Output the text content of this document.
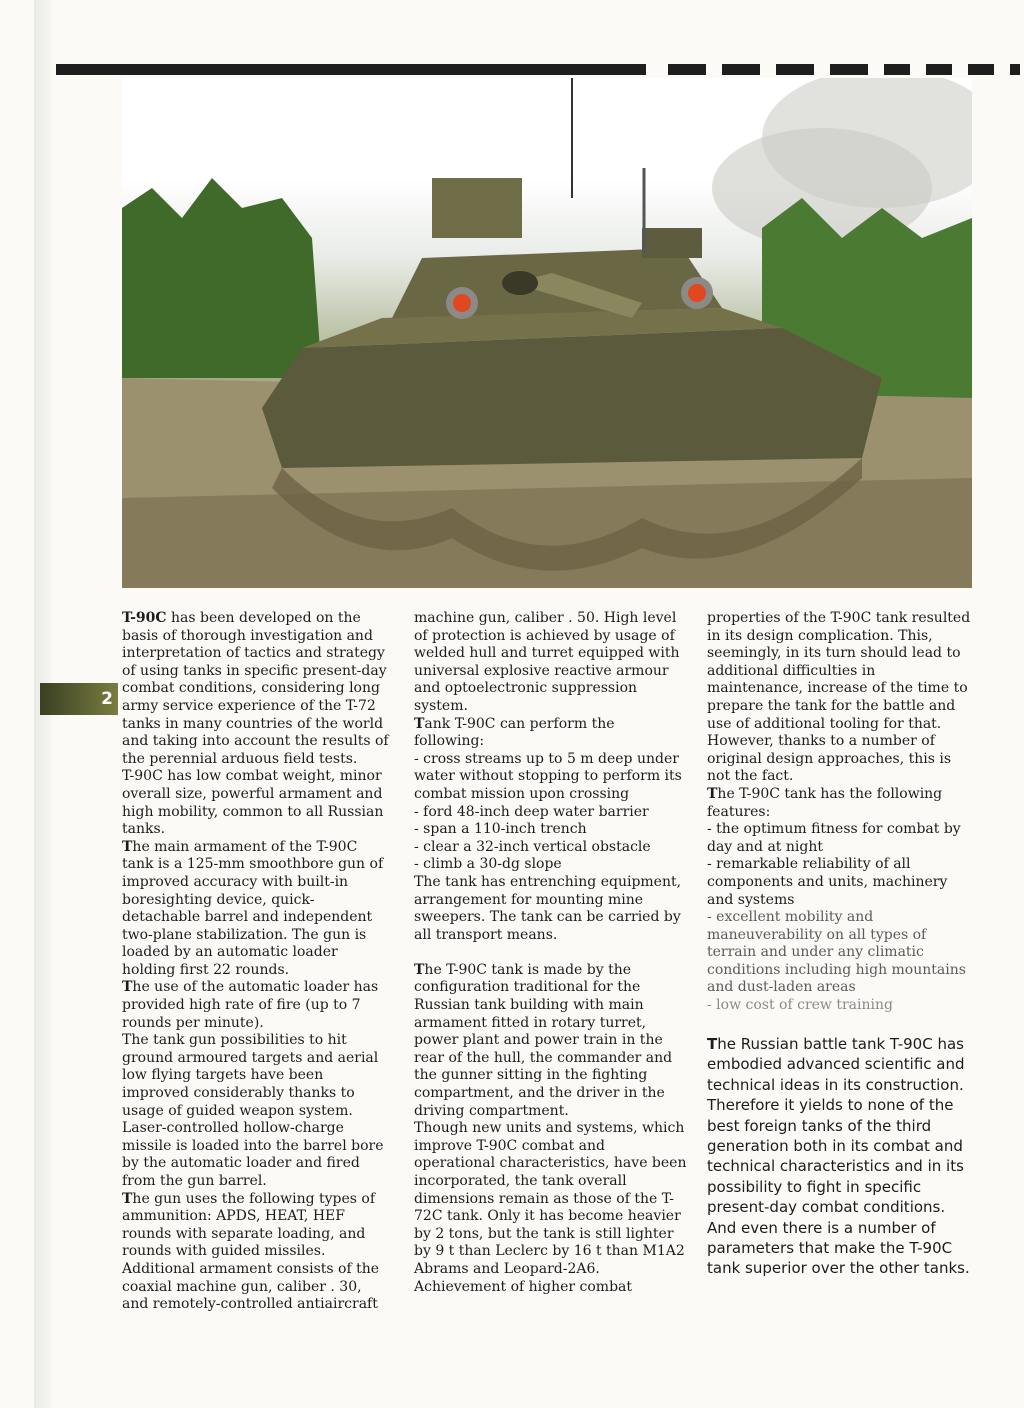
2

T-90C has been developed on the basis of thorough investigation and interpretation of tactics and strategy of using tanks in specific present-day combat conditions, considering long army service experience of the T-72 tanks in many countries of the world and taking into account the results of the perennial arduous field tests.

T-90C has low combat weight, minor overall size, powerful armament and high mobility, common to all Russian tanks.

The main armament of the T-90C tank is a 125-mm smoothbore gun of improved accuracy with built-in boresighting device, quick-detachable barrel and independent two-plane stabilization. The gun is loaded by an automatic loader holding first 22 rounds.

The use of the automatic loader has provided high rate of fire (up to 7 rounds per minute).

The tank gun possibilities to hit ground armoured targets and aerial low flying targets have been improved considerably thanks to usage of guided weapon system. Laser-controlled hollow-charge missile is loaded into the barrel bore by the automatic loader and fired from the gun barrel.

The gun uses the following types of ammunition: APDS, HEAT, HEF rounds with separate loading, and rounds with guided missiles.

Additional armament consists of the coaxial machine gun, caliber . 30, and remotely-controlled antiaircraft

machine gun, caliber . 50. High level of protection is achieved by usage of welded hull and turret equipped with universal explosive reactive armour and optoelectronic suppression system.

Tank T-90C can perform the following:

- cross streams up to 5 m deep under water without stopping to perform its combat mission upon crossing

- ford 48-inch deep water barrier

- span a 110-inch trench

- clear a 32-inch vertical obstacle

- climb a 30-dg slope

The tank has entrenching equipment, arrangement for mounting mine sweepers. The tank can be carried by all transport means.

The T-90C tank is made by the configuration traditional for the Russian tank building with main armament fitted in rotary turret, power plant and power train in the rear of the hull, the commander and the gunner sitting in the fighting compartment, and the driver in the driving compartment.

Though new units and systems, which improve T-90C combat and operational characteristics, have been incorporated, the tank overall dimensions remain as those of the T-72C tank. Only it has become heavier by 2 tons, but the tank is still lighter by 9 t than Leclerc by 16 t than M1A2 Abrams and Leopard-2A6.

Achievement of higher combat

properties of the T-90C tank resulted in its design complication. This, seemingly, in its turn should lead to additional difficulties in maintenance, increase of the time to prepare the tank for the battle and use of additional tooling for that. However, thanks to a number of original design approaches, this is not the fact.

The T-90C tank has the following features:

- the optimum fitness for combat by day and at night

- remarkable reliability of all components and units, machinery and systems

- excellent mobility and maneuverability on all types of terrain and under any climatic conditions including high mountains and dust-laden areas

- low cost of crew training

The Russian battle tank T-90C has embodied advanced scientific and technical ideas in its construction. Therefore it yields to none of the best foreign tanks of the third generation both in its combat and technical characteristics and in its possibility to fight in specific present-day combat conditions. And even there is a number of parameters that make the T-90C tank superior over the other tanks.
